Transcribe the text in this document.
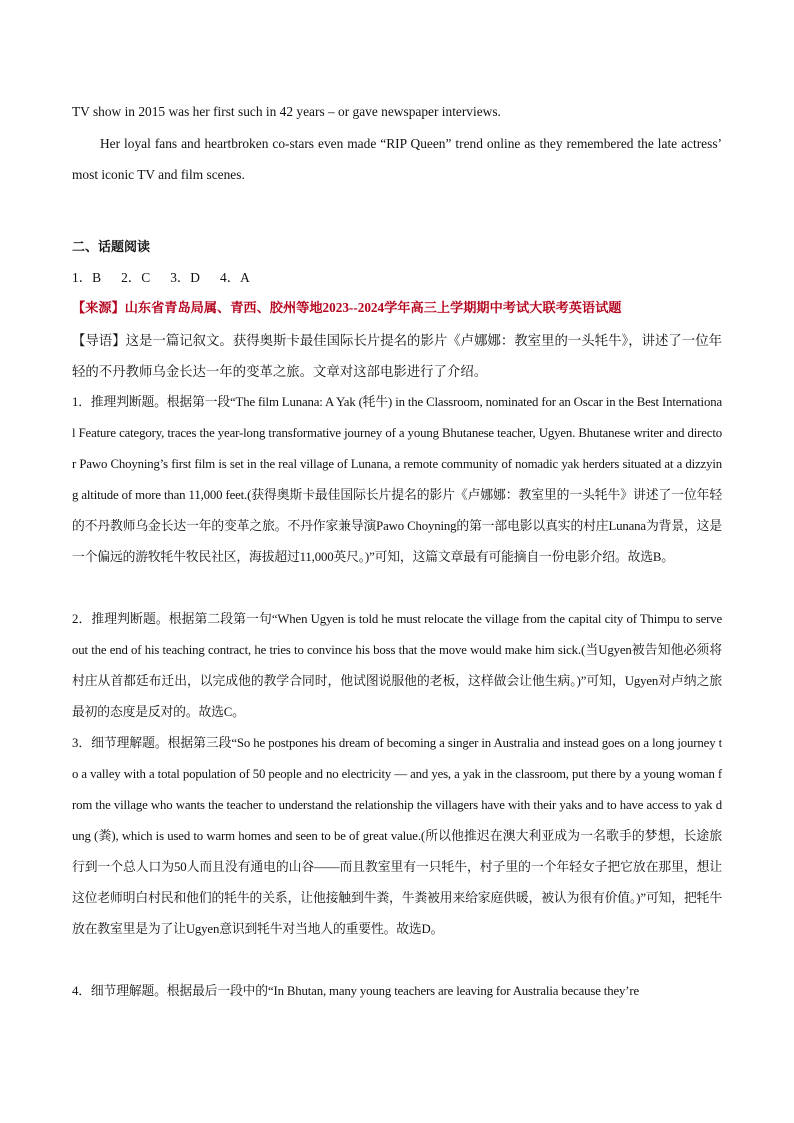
TV show in 2015 was her first such in 42 years – or gave newspaper interviews.
Her loyal fans and heartbroken co-stars even made “RIP Queen” trend online as they remembered the late actress’ most iconic TV and film scenes.
二、话题阅读
1．B      2．C      3．D      4．A
【来源】山东省青岛局属、青西、胶州等地2023--2024学年高三上学期期中考试大联考英语试题
【导语】这是一篇记叙文。获得奥斯卡最佳国际长片提名的影片《卢娜娜：教室里的一头牦牛》，讲述了一位年轻的不丹教师乌金长达一年的变革之旅。文章对这部电影进行了介绍。
1．推理判断题。根据第一段“The film Lunana: A Yak (牦牛) in the Classroom, nominated for an Oscar in the Best International Feature category, traces the year-long transformative journey of a young Bhutanese teacher, Ugyen. Bhutanese writer and director Pawo Choyning’s first film is set in the real village of Lunana, a remote community of nomadic yak herders situated at a dizzying altitude of more than 11,000 feet.(获得奥斯卡最佳国际长片提名的影片《卢娜娜：教室里的一头牦牛》讲述了一位年轻的不丹教师乌金长达一年的变革之旅。不丹作家兼导演Pawo Choyning的第一部电影以真实的村庄Lunana为背景，这是一个偏远的游牧牦牛牧民社区，海拔超过11,000英尺。)”可知，这篇文章最有可能摘自一份电影介绍。故选B。
2．推理判断题。根据第二段第一句“When Ugyen is told he must relocate the village from the capital city of Thimpu to serve out the end of his teaching contract, he tries to convince his boss that the move would make him sick.(当Ugyen被告知他必须将村庄从首都廷布迁出，以完成他的教学合同时，他试图说服他的老板，这样做会让他生病。)”可知，Ugyen对卢纳之旅最初的态度是反对的。故选C。
3．细节理解题。根据第三段“So he postpones his dream of becoming a singer in Australia and instead goes on a long journey to a valley with a total population of 50 people and no electricity — and yes, a yak in the classroom, put there by a young woman from the village who wants the teacher to understand the relationship the villagers have with their yaks and to have access to yak dung (粪), which is used to warm homes and seen to be of great value.(所以他推迟在澳大利亚成为一名歌手的梦想，长途旅行到一个总人口为50人而且没有通电的山谷——而且教室里有一只牦牛，村子里的一个年轻女子把它放在那里，想让这位老师明白村民和他们的牦牛的关系，让他接触到牛粪，牛粪被用来给家庭供暖，被认为很有价值。)”可知，把牦牛放在教室里是为了让Ugyen意识到牦牛对当地人的重要性。故选D。
4．细节理解题。根据最后一段中的“In Bhutan, many young teachers are leaving for Australia because they’re
